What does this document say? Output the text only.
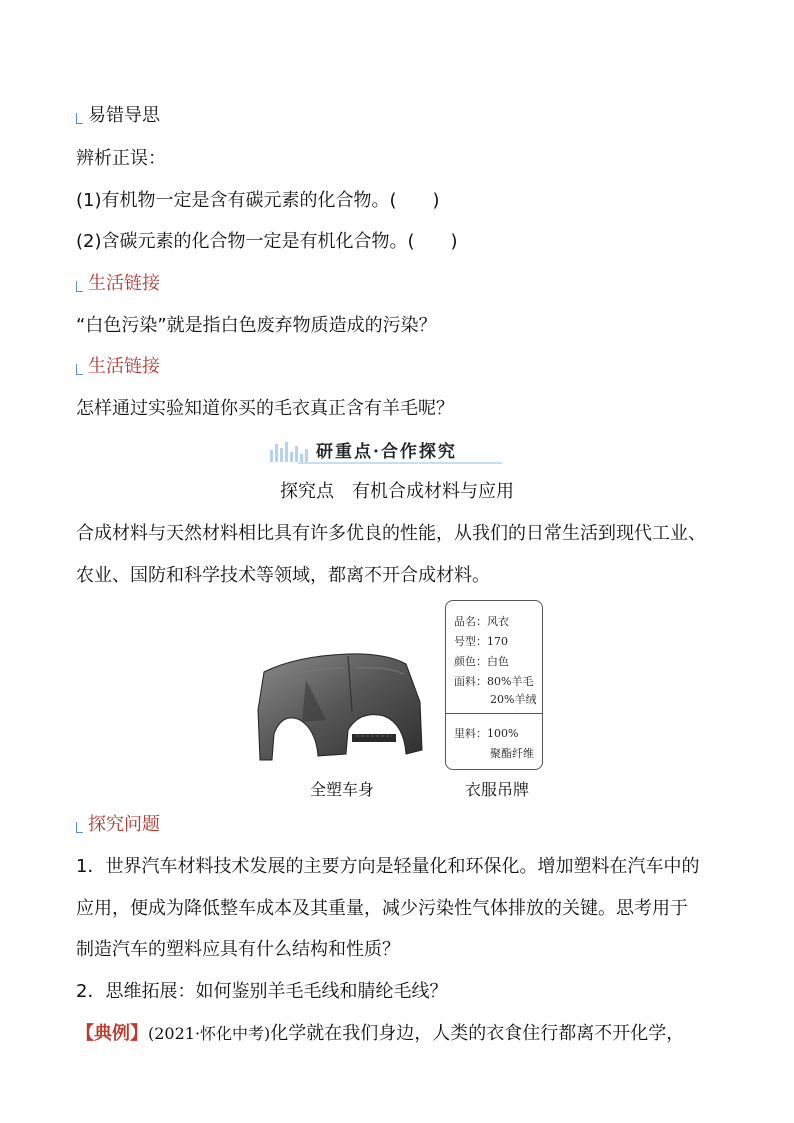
易错导思
辨析正误：
(1)有机物一定是含有碳元素的化合物。(　　)
(2)含碳元素的化合物一定是有机化合物。(　　)
生活链接
“白色污染”就是指白色废弃物质造成的污染？
生活链接
怎样通过实验知道你买的毛衣真正含有羊毛呢？
研重点·合作探究
探究点　有机合成材料与应用
合成材料与天然材料相比具有许多优良的性能，从我们的日常生活到现代工业、
农业、国防和科学技术等领域，都离不开合成材料。
品名：风衣
号型：170
颜色：白色
面料：80%羊毛
20%羊绒
里料：100%
聚酯纤维
全塑车身	衣服吊牌
探究问题
1．世界汽车材料技术发展的主要方向是轻量化和环保化。增加塑料在汽车中的
应用，便成为降低整车成本及其重量，减少污染性气体排放的关键。思考用于
制造汽车的塑料应具有什么结构和性质？
2．思维拓展：如何鉴别羊毛毛线和腈纶毛线？
【典例】(2021·怀化中考)化学就在我们身边，人类的衣食住行都离不开化学，
